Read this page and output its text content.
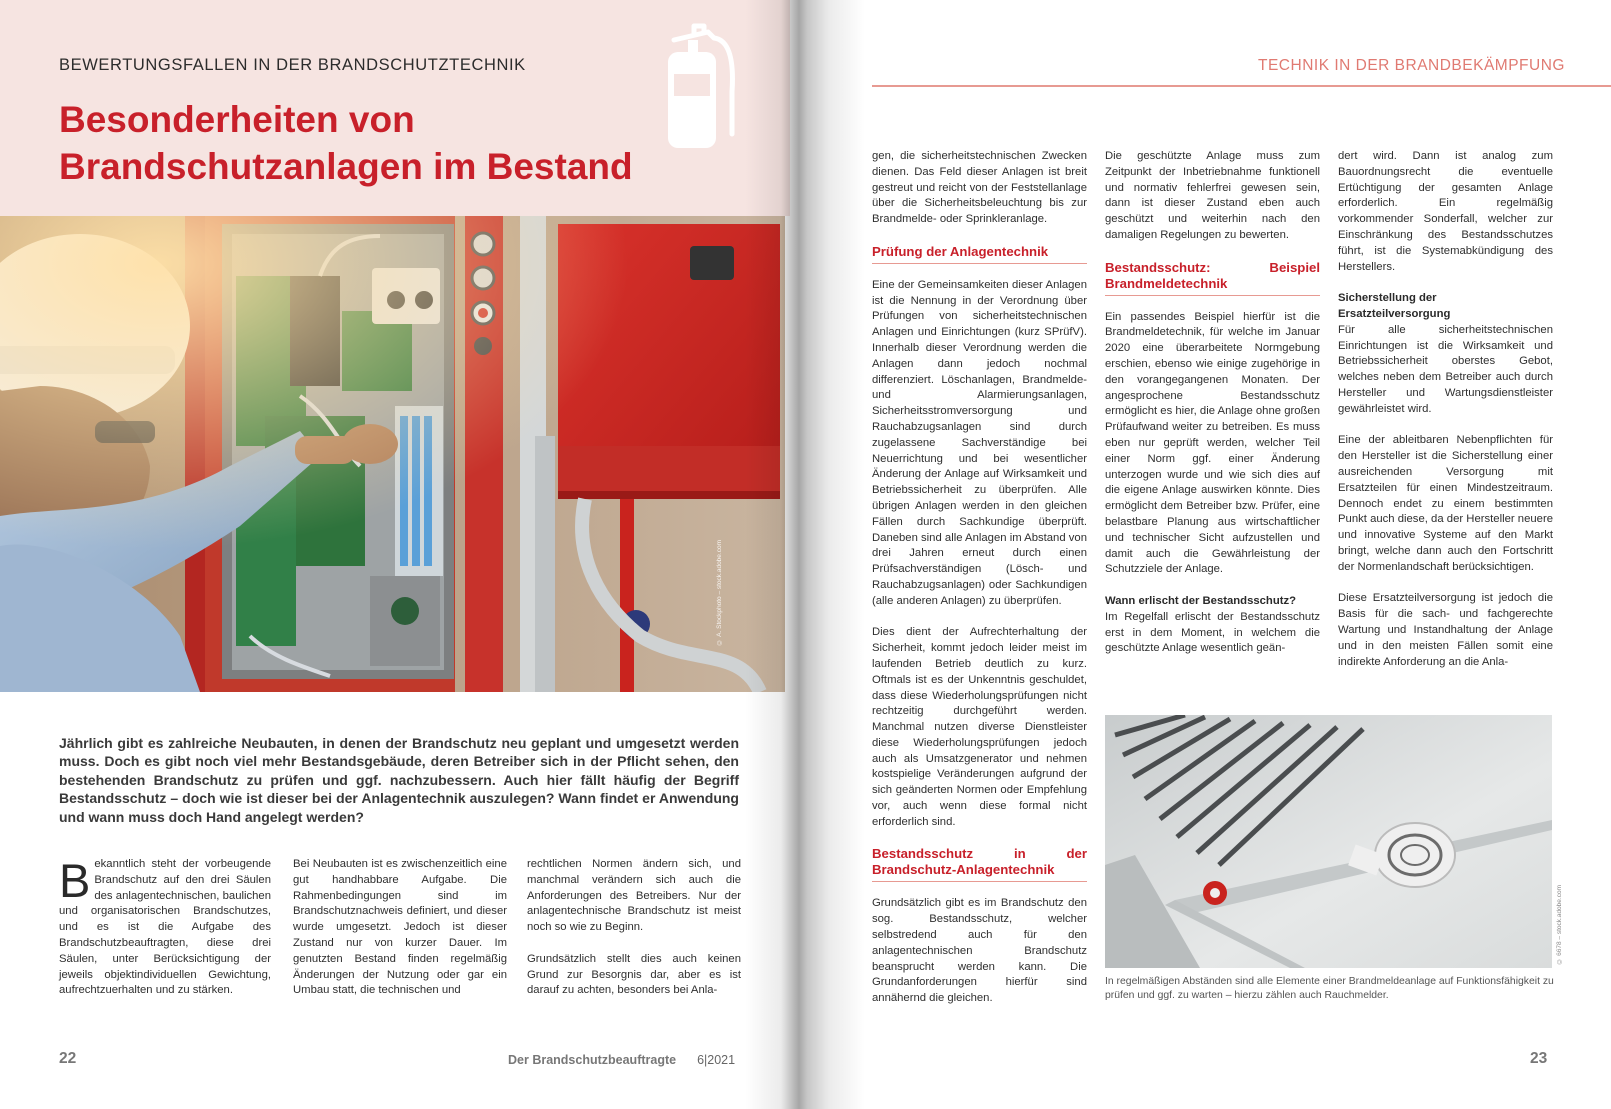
BEWERTUNGSFALLEN IN DER BRANDSCHUTZTECHNIK
Besonderheiten von
Brandschutzanlagen im Bestand
© A. Stockphoto – stock.adobe.com
Jährlich gibt es zahlreiche Neubauten, in denen der Brandschutz neu geplant und umgesetzt werden muss. Doch es gibt noch viel mehr Bestandsgebäude, deren Betreiber sich in der Pflicht sehen, den bestehenden Brandschutz zu prüfen und ggf. nachzubessern. Auch hier fällt häufig der Begriff Bestandsschutz – doch wie ist dieser bei der Anlagentechnik auszulegen? Wann findet er Anwendung und wann muss doch Hand angelegt werden?
Bekanntlich steht der vorbeugende Brandschutz auf den drei Säulen des anlagentechnischen, baulichen und organisatorischen Brandschutzes, und es ist die Aufgabe des Brandschutzbeauftragten, diese drei Säulen, unter Berücksichtigung der jeweils objektindividuellen Gewichtung, aufrechtzuerhalten und zu stärken.
Bei Neubauten ist es zwischenzeitlich eine gut handhabbare Aufgabe. Die Rahmenbedingungen sind im Brandschutznachweis definiert, und dieser wurde umgesetzt. Jedoch ist dieser Zustand nur von kurzer Dauer. Im genutzten Bestand finden regelmäßig Änderungen der Nutzung oder gar ein Umbau statt, die technischen und

rechtlichen Normen ändern sich, und manchmal verändern sich auch die Anforderungen des Betreibers. Nur der anlagentechnische Brandschutz ist meist noch so wie zu Beginn.

Grundsätzlich stellt dies auch keinen Grund zur Besorgnis dar, aber es ist darauf zu achten, besonders bei Anla-

22	Der Brandschutzbeauftragte 6|2021
TECHNIK IN DER BRANDBEKÄMPFUNG

gen, die sicherheitstechnischen Zwecken dienen. Das Feld dieser Anlagen ist breit gestreut und reicht von der Feststellanlage über die Sicherheitsbeleuchtung bis zur Brandmelde- oder Sprinkleranlage.

Prüfung der Anlagentechnik

Eine der Gemeinsamkeiten dieser Anlagen ist die Nennung in der Verordnung über Prüfungen von sicherheitstechnischen Anlagen und Einrichtungen (kurz SPrüfV). Innerhalb dieser Verordnung werden die Anlagen dann jedoch nochmal differenziert. Löschanlagen, Brandmelde- und Alarmierungsanlagen, Sicherheitsstromversorgung und Rauchabzugsanlagen sind durch zugelassene Sachverständige bei Neuerrichtung und bei wesentlicher Änderung der Anlage auf Wirksamkeit und Betriebssicherheit zu überprüfen. Alle übrigen Anlagen werden in den gleichen Fällen durch Sachkundige überprüft. Daneben sind alle Anlagen im Abstand von drei Jahren erneut durch einen Prüfsachverständigen (Lösch- und Rauchabzugsanlagen) oder Sachkundigen (alle anderen Anlagen) zu überprüfen.

Dies dient der Aufrechterhaltung der Sicherheit, kommt jedoch leider meist im laufenden Betrieb deutlich zu kurz. Oftmals ist es der Unkenntnis geschuldet, dass diese Wiederholungsprüfungen nicht rechtzeitig durchgeführt werden. Manchmal nutzen diverse Dienstleister diese Wiederholungsprüfungen jedoch auch als Umsatzgenerator und nehmen kostspielige Veränderungen aufgrund der sich geänderten Normen oder Empfehlung vor, auch wenn diese formal nicht erforderlich sind.

Bestandsschutz in der Brandschutz-Anlagentechnik

Grundsätzlich gibt es im Brandschutz den sog. Bestandsschutz, welcher selbstredend auch für den anlagentechnischen Brandschutz beansprucht werden kann. Die Grundanforderungen hierfür sind annähernd die gleichen.

Die geschützte Anlage muss zum Zeitpunkt der Inbetriebnahme funktionell und normativ fehlerfrei gewesen sein, dann ist dieser Zustand eben auch geschützt und weiterhin nach den damaligen Regelungen zu bewerten.

Bestandsschutz: Beispiel Brandmeldetechnik

Ein passendes Beispiel hierfür ist die Brandmeldetechnik, für welche im Januar 2020 eine überarbeitete Normgebung erschien, ebenso wie einige zugehörige in den vorangegangenen Monaten. Der angesprochene Bestandsschutz ermöglicht es hier, die Anlage ohne großen Prüfaufwand weiter zu betreiben. Es muss eben nur geprüft werden, welcher Teil einer Norm ggf. einer Änderung unterzogen wurde und wie sich dies auf die eigene Anlage auswirken könnte. Dies ermöglicht dem Betreiber bzw. Prüfer, eine belastbare Planung aus wirtschaftlicher und technischer Sicht aufzustellen und damit auch die Gewährleistung der Schutzziele der Anlage.

Wann erlischt der Bestandsschutz?

Im Regelfall erlischt der Bestandsschutz erst in dem Moment, in welchem die geschützte Anlage wesentlich geän-

dert wird. Dann ist analog zum Bauordnungsrecht die eventuelle Ertüchtigung der gesamten Anlage erforderlich. Ein regelmäßig vorkommender Sonderfall, welcher zur Einschränkung des Bestandsschutzes führt, ist die Systemabkündigung des Herstellers.

Sicherstellung der
Ersatzteilversorgung

Für alle sicherheitstechnischen Einrichtungen ist die Wirksamkeit und Betriebssicherheit oberstes Gebot, welches neben dem Betreiber auch durch Hersteller und Wartungsdienstleister gewährleistet wird.

Eine der ableitbaren Nebenpflichten für den Hersteller ist die Sicherstellung einer ausreichenden Versorgung mit Ersatzteilen für einen Mindestzeitraum. Dennoch endet zu einem bestimmten Punkt auch diese, da der Hersteller neuere und innovative Systeme auf den Markt bringt, welche dann auch den Fortschritt der Normenlandschaft berücksichtigen.

Diese Ersatzteilversorgung ist jedoch die Basis für die sach- und fachgerechte Wartung und Instandhaltung der Anlage und in den meisten Fällen somit eine indirekte Anforderung an die Anla-

© 6678 – stock.adobe.com
In regelmäßigen Abständen sind alle Elemente einer Brandmeldeanlage auf Funktionsfähigkeit zu prüfen und ggf. zu warten – hierzu zählen auch Rauchmelder.
23
